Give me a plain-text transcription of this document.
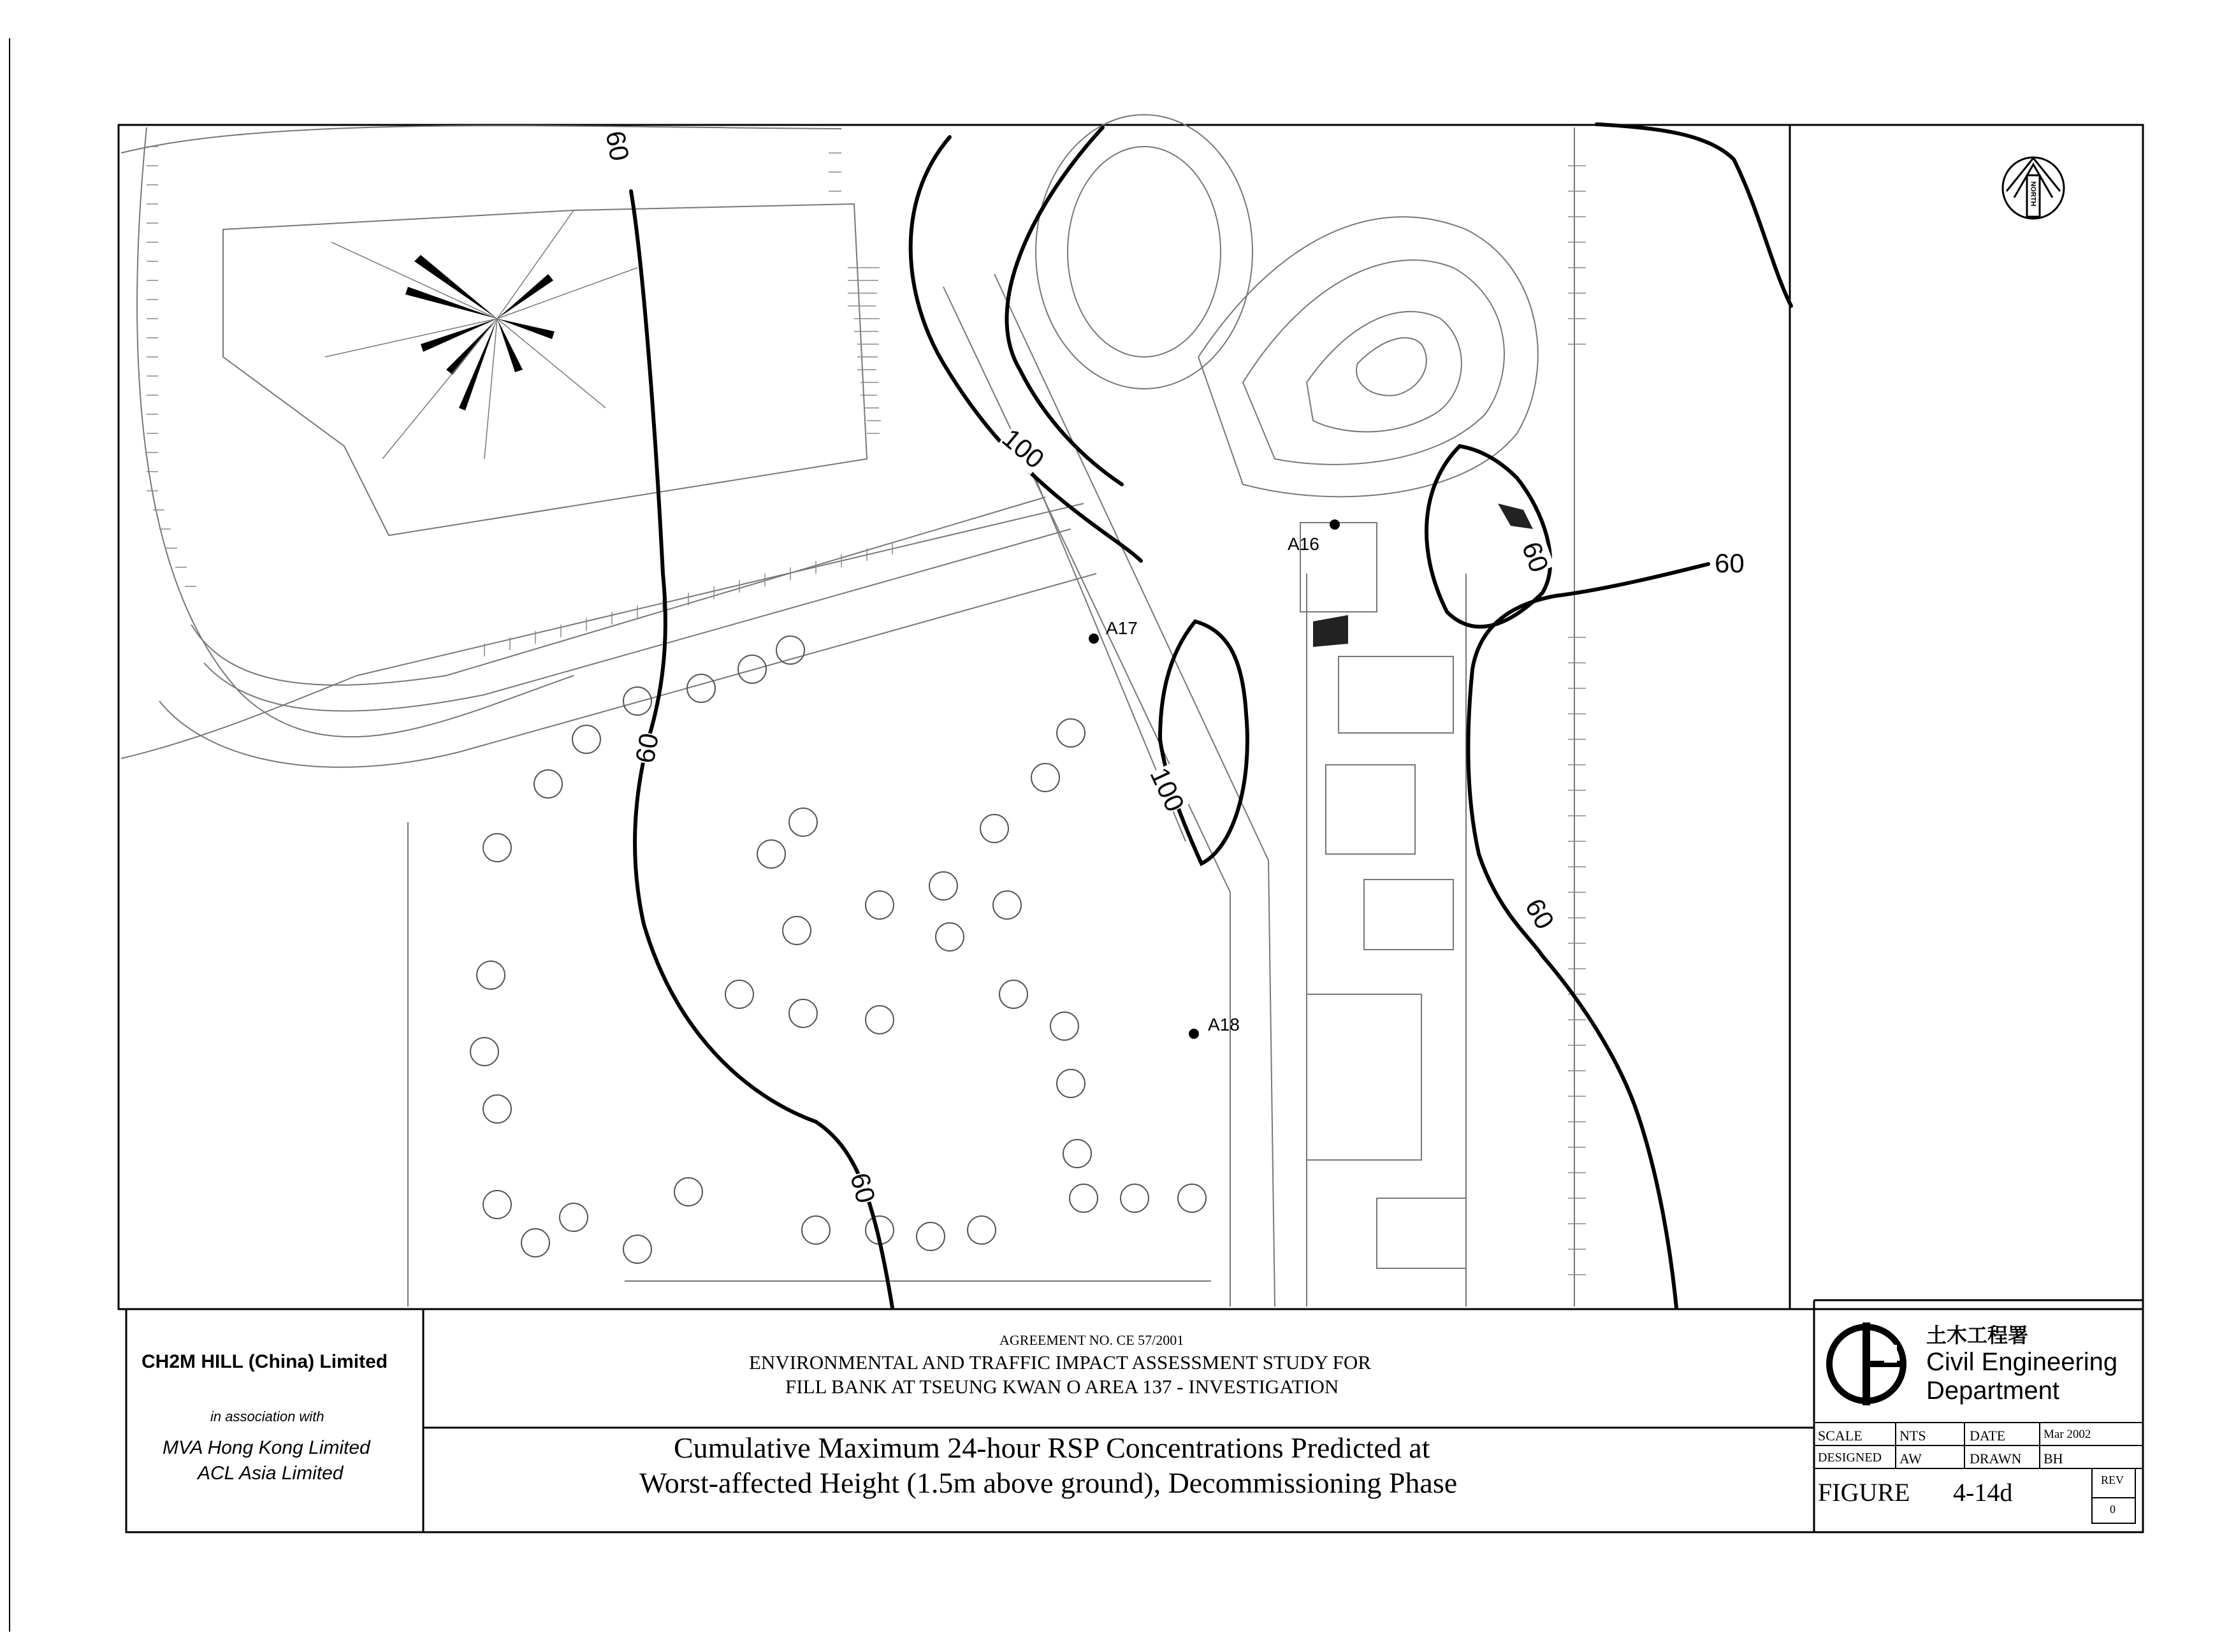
60
60
60
100
100
60	60
60
A16
A17
A18
NORTH
CH2M HILL (China) Limited
in association with
MVA Hong Kong Limited
ACL Asia Limited
AGREEMENT NO. CE 57/2001
ENVIRONMENTAL AND TRAFFIC IMPACT ASSESSMENT STUDY FOR
FILL BANK AT TSEUNG KWAN O AREA 137 - INVESTIGATION
Cumulative Maximum 24-hour RSP Concentrations Predicted at
Worst-affected Height (1.5m above ground), Decommissioning Phase
土木工程署
Civil Engineering
Department
SCALE	NTS	DATE	Mar 2002
DESIGNED AW	DRAWN BH
FIGURE 4-14d	REV
0
